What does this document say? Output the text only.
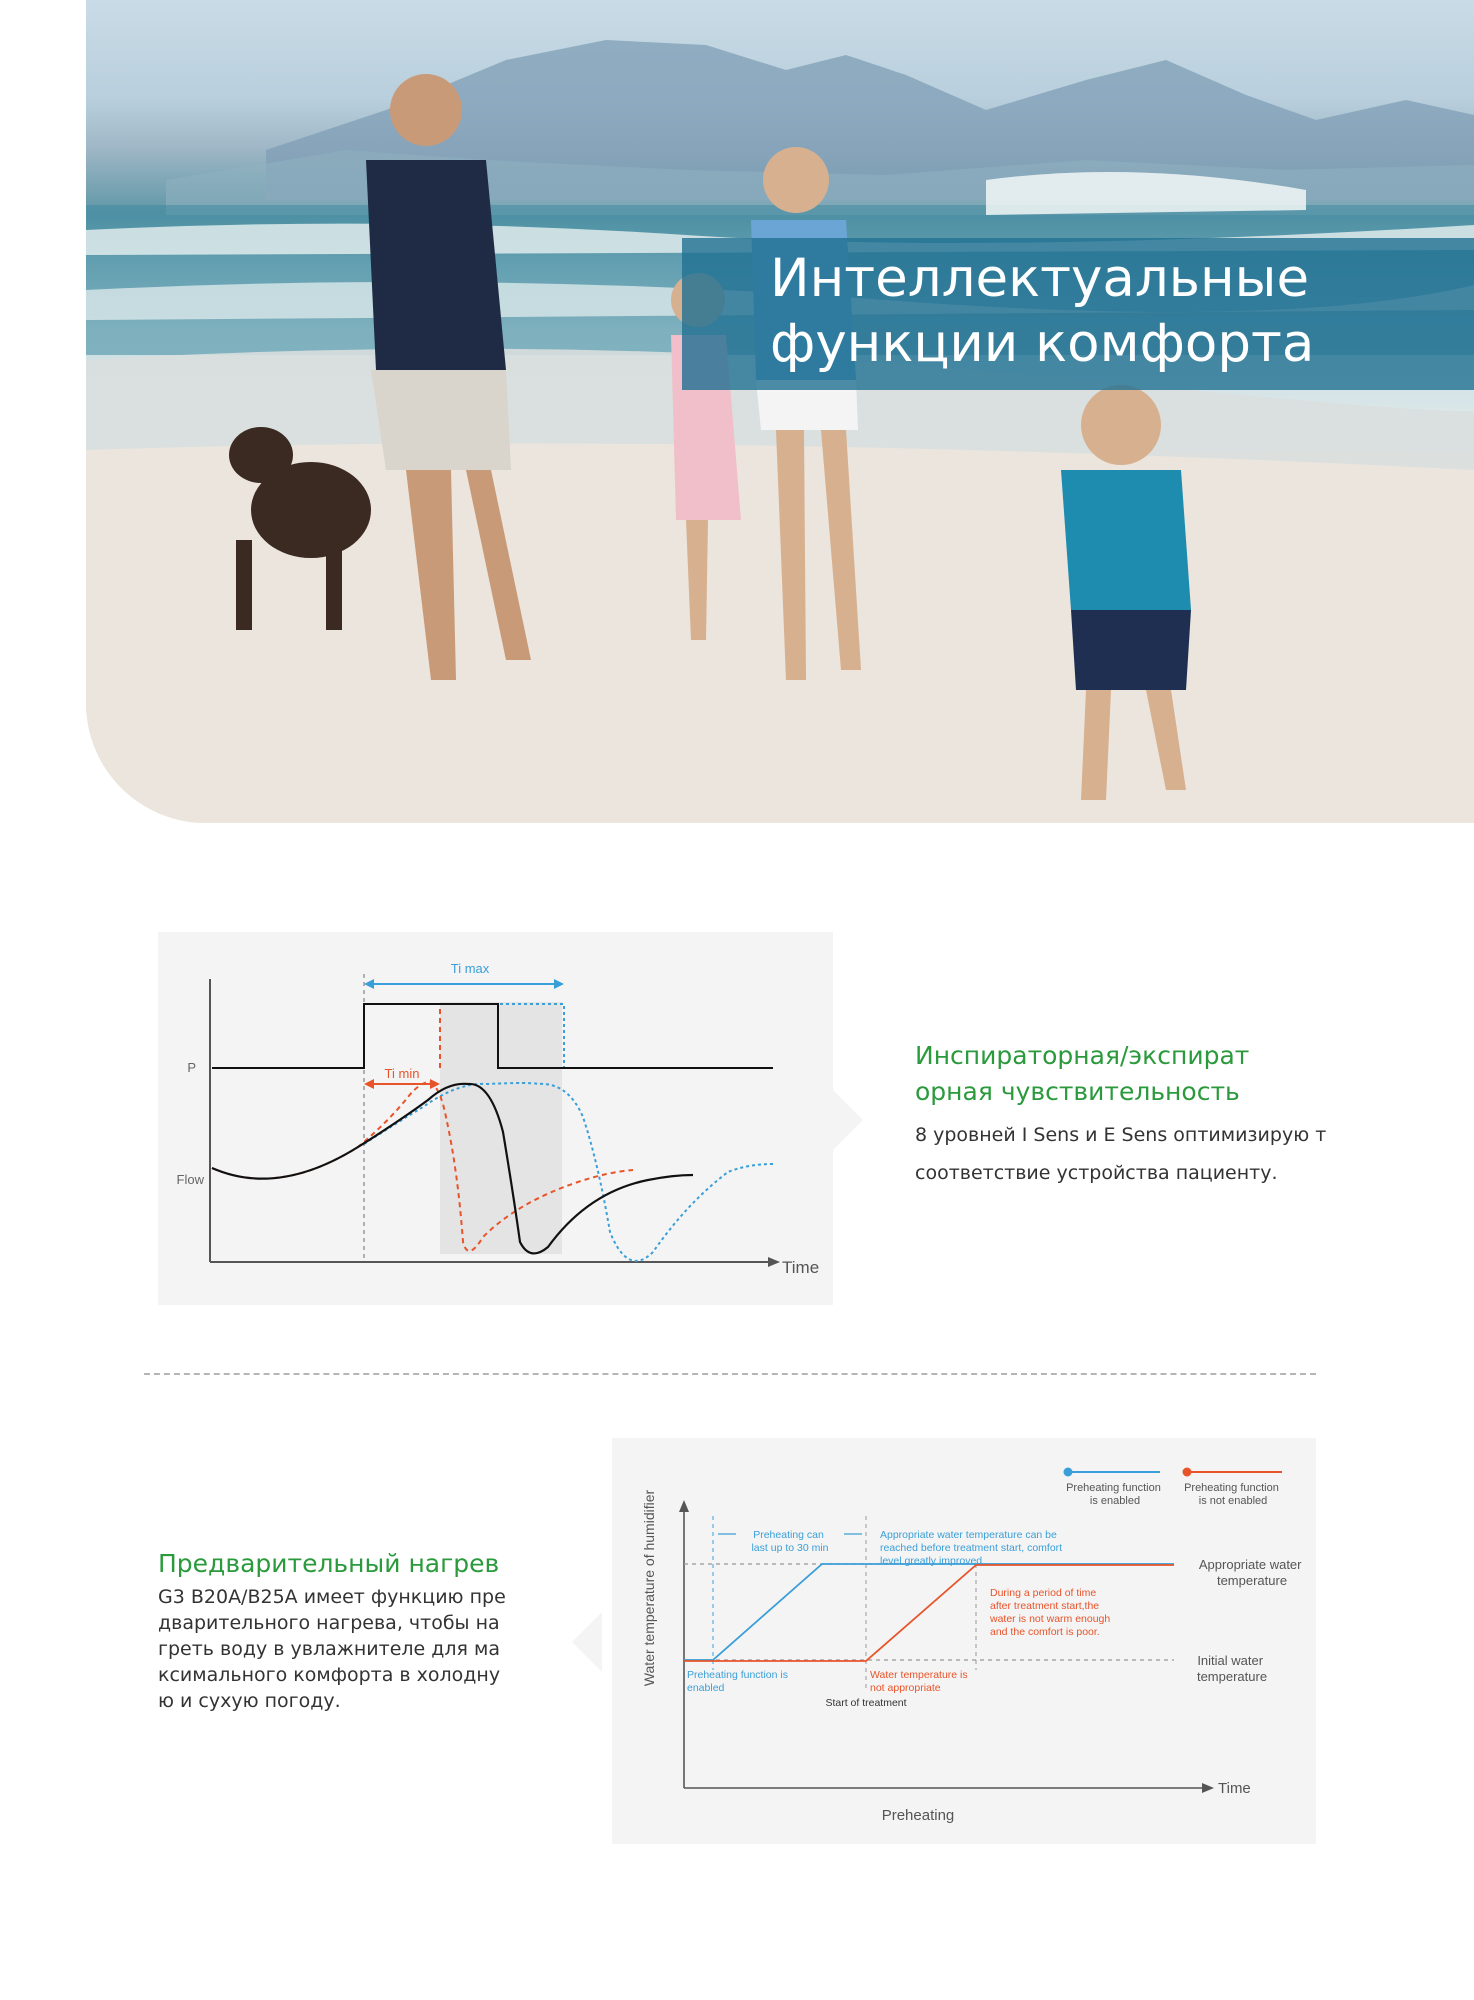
Интеллектуальные
функции комфорта
Ti max
Ti min
P
Flow
Time
Инспираторная/экспират орная чувствительность
8 уровней I Sens и E Sens оптимизирую т соответствие устройства пациенту.
Предварительный нагрев
G3 B20A/B25A имеет функцию пре дварительного нагрева, чтобы на греть воду в увлажнителе для ма ксимального комфорта в холодну ю и сухую погоду.
Preheating function is enabled
Preheating function is not enabled
Time
Preheating
Water temperature of humidifier	Appropriate water temperature
Initial water temperature
Preheating can last up to 30 min
Appropriate water temperature can be reached before treatment start, comfort level greatly improved
During a period of time after treatment start,the water is not warm enough and the comfort is poor.
Preheating function is enabled
Water temperature is not appropriate
Start of treatment
